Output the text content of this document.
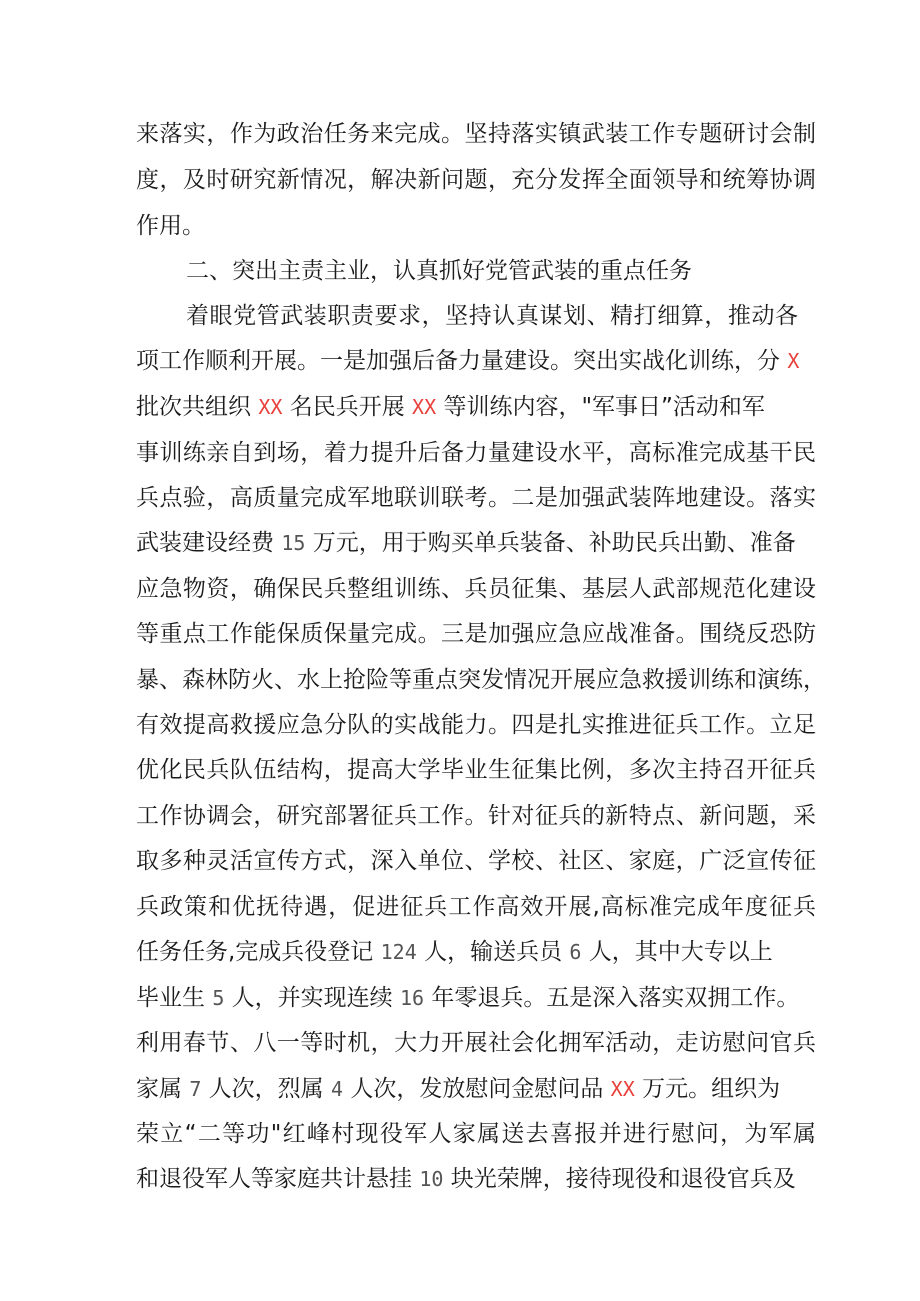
来落实，作为政治任务来完成。坚持落实镇武装工作专题研讨会制
度，及时研究新情况，解决新问题，充分发挥全面领导和统筹协调
作用。
二、突出主责主业，认真抓好党管武装的重点任务
着眼党管武装职责要求，坚持认真谋划、精打细算，推动各
项工作顺利开展。一是加强后备力量建设。突出实战化训练，分 X
批次共组织 XX 名民兵开展 XX 等训练内容，"军事日”活动和军
事训练亲自到场，着力提升后备力量建设水平，高标准完成基干民
兵点验，高质量完成军地联训联考。二是加强武装阵地建设。落实
武装建设经费 15 万元，用于购买单兵装备、补助民兵出勤、准备
应急物资，确保民兵整组训练、兵员征集、基层人武部规范化建设
等重点工作能保质保量完成。三是加强应急应战准备。围绕反恐防
暴、森林防火、水上抢险等重点突发情况开展应急救援训练和演练，
有效提高救援应急分队的实战能力。四是扎实推进征兵工作。立足
优化民兵队伍结构，提高大学毕业生征集比例，多次主持召开征兵
工作协调会，研究部署征兵工作。针对征兵的新特点、新问题，采
取多种灵活宣传方式，深入单位、学校、社区、家庭，广泛宣传征
兵政策和优抚待遇，促进征兵工作高效开展,高标准完成年度征兵
任务任务,完成兵役登记 124 人，输送兵员 6 人，其中大专以上
毕业生 5 人，并实现连续 16 年零退兵。五是深入落实双拥工作。
利用春节、八一等时机，大力开展社会化拥军活动，走访慰问官兵
家属 7 人次，烈属 4 人次，发放慰问金慰问品 XX 万元。组织为
荣立“二等功"红峰村现役军人家属送去喜报并进行慰问，为军属
和退役军人等家庭共计悬挂 10 块光荣牌，接待现役和退役官兵及
